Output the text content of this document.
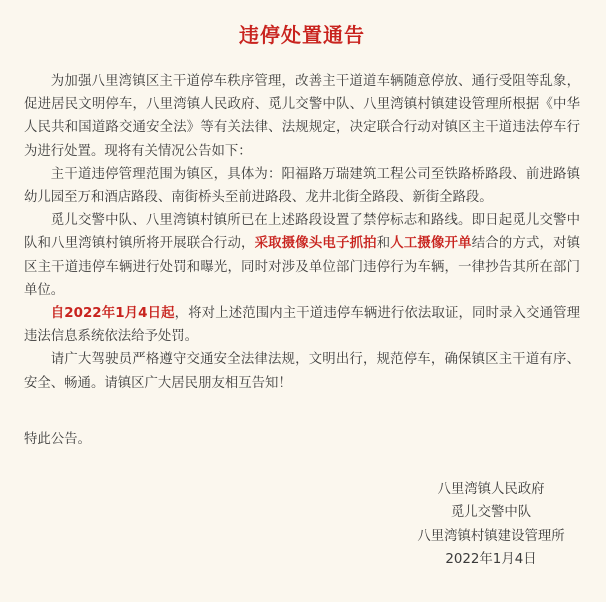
违停处置通告

为加强八里湾镇区主干道停车秩序管理，改善主干道道车辆随意停放、通行受阻等乱象，促进居民文明停车，八里湾镇人民政府、觅儿交警中队、八里湾镇村镇建设管理所根据《中华人民共和国道路交通安全法》等有关法律、法规规定，决定联合行动对镇区主干道违法停车行为进行处置。现将有关情况公告如下：

主干道违停管理范围为镇区，具体为：阳福路万瑞建筑工程公司至铁路桥路段、前进路镇幼儿园至万和酒店路段、南街桥头至前进路段、龙井北街全路段、新街全路段。

觅儿交警中队、八里湾镇村镇所已在上述路段设置了禁停标志和路线。即日起觅儿交警中队和八里湾镇村镇所将开展联合行动，采取摄像头电子抓拍和人工摄像开单结合的方式，对镇区主干道违停车辆进行处罚和曝光，同时对涉及单位部门违停行为车辆，一律抄告其所在部门单位。

自2022年1月4日起，将对上述范围内主干道违停车辆进行依法取证，同时录入交通管理违法信息系统依法给予处罚。

请广大驾驶员严格遵守交通安全法律法规，文明出行，规范停车，确保镇区主干道有序、安全、畅通。请镇区广大居民朋友相互告知！

特此公告。

八里湾镇人民政府
觅儿交警中队
八里湾镇村镇建设管理所
2022年1月4日
